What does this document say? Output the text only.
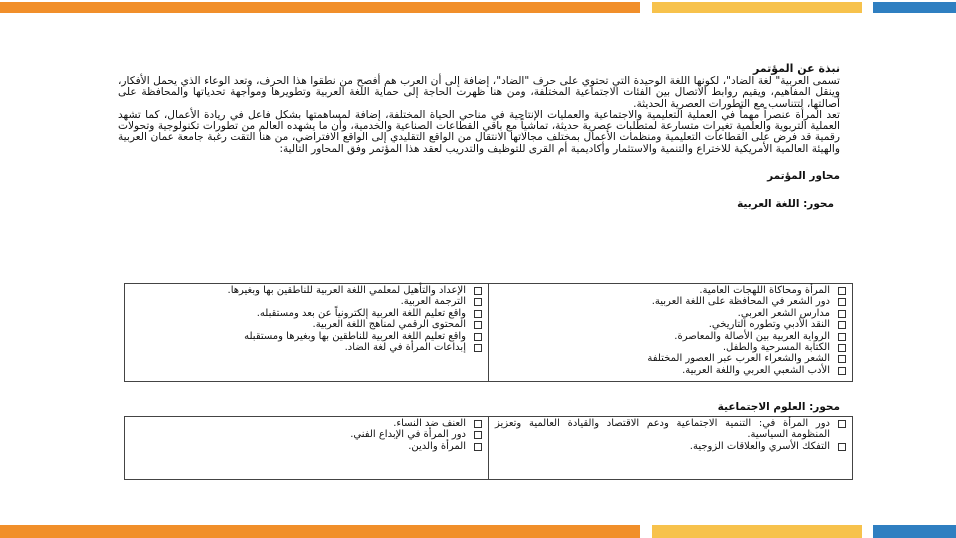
نبذة عن المؤتمر

تسمى العربية" لغة الضاد"، لكونها اللغة الوحيدة التي تحتوي على حرف "الضاد"، إضافة إلى أن العرب هم أفصح من نطقوا هذا الحرف، وتعد الوعاء الذي يحمل الأفكار، وينقل المفاهيم، ويقيم روابط الاتصال بين الفئات الاجتماعية المختلفة، ومن هنا ظهرت الحاجة إلى حماية اللغة العربية وتطويرها ومواجهة تحدياتها والمحافظة على أصالتها، لتتناسب مع التطورات العصرية الحديثة.

تعد المرأة عنصراً مهماً في العملية التعليمية والاجتماعية والعمليات الإنتاجية في مناحي الحياة المختلفة، إضافة لمساهمتها بشكل فاعل في ريادة الأعمال، كما تشهد العملية التربوية والعلمية تغيرات متسارعة لمتطلبات عصرية حديثة، تماشياً مع باقي القطاعات الصناعية والخدمية، وأن ما يشهده العالم من تطورات تكنولوجية وتحولات رقمية قد فرض على القطاعات التعليمية ومنظمات الأعمال بمختلف مجالاتها الانتقال من الواقع التقليدي إلى الواقع الافتراضي، من هنا التقت رغبة جامعة عمان العربية والهيئة العالمية الأمريكية للاختراع والتنمية والاستثمار وأكاديمية أم القرى للتوظيف والتدريب لعقد هذا المؤتمر وفق المحاور التالية:

محاور المؤتمر
محور: اللغة العربية
المرأة ومحاكاة اللهجات العامية.
دور الشعر في المحافظة على اللغة العربية.
مدارس الشعر العربي.
النقد الأدبي وتطوره التاريخي.
الرواية العربية بين الأصالة والمعاصرة.
الكتابة المسرحية والطفل.
الشعر والشعراء العرب عبر العصور المختلفة
الأدب الشعبي العربي واللغة العربية.
الإعداد والتأهيل لمعلمي اللغة العربية للناطقين بها وبغيرها.
الترجمة العربية.
واقع تعليم اللغة العربية إلكترونياً عن بعد ومستقبله.
المحتوى الرقمي لمناهج اللغة العربية.
واقع تعليم اللغة العربية للناطقين بها وبغيرها ومستقبله
إبداعات المرأة في لغة الضاد.
محور: العلوم الاجتماعية
دور المرأة في: التنمية الاجتماعية ودعم الاقتصاد والقيادة العالمية وتعزيز المنظومة السياسية.
التفكك الأسري والعلاقات الزوجية.
العنف ضد النساء.
دور المرأة في الإبداع الفني.
المرأة والدين.
